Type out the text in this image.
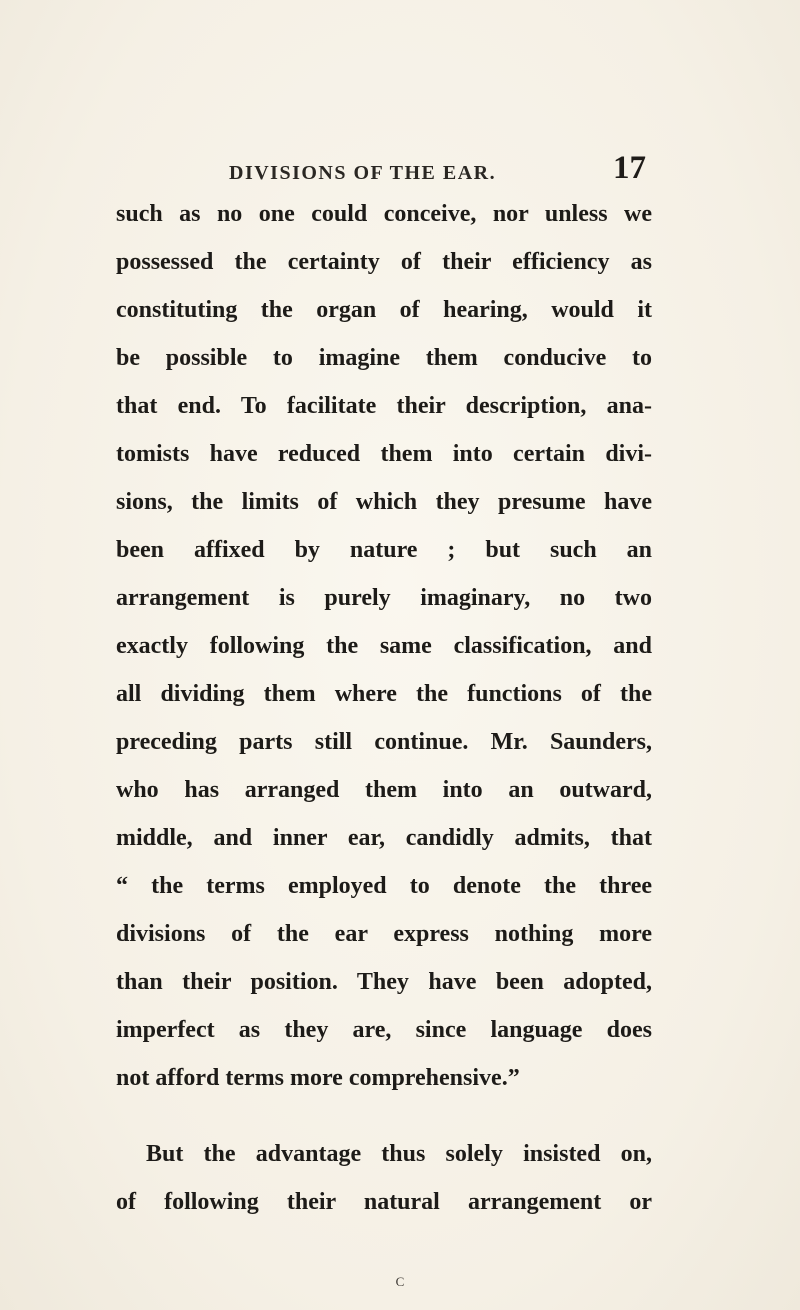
DIVISIONS OF THE EAR.	17
such as no one could conceive, nor unless we
possessed the certainty of their efficiency as
constituting the organ of hearing, would it
be possible to imagine them conducive to
that end. To facilitate their description, ana-
tomists have reduced them into certain divi-
sions, the limits of which they presume have
been affixed by nature ; but such an
arrangement is purely imaginary, no two
exactly following the same classification, and
all dividing them where the functions of the
preceding parts still continue. Mr. Saunders,
who has arranged them into an outward,
middle, and inner ear, candidly admits, that
“ the terms employed to denote the three
divisions of the ear express nothing more
than their position. They have been adopted,
imperfect as they are, since language does
not afford terms more comprehensive.”
But the advantage thus solely insisted on,
of following their natural arrangement or
c
